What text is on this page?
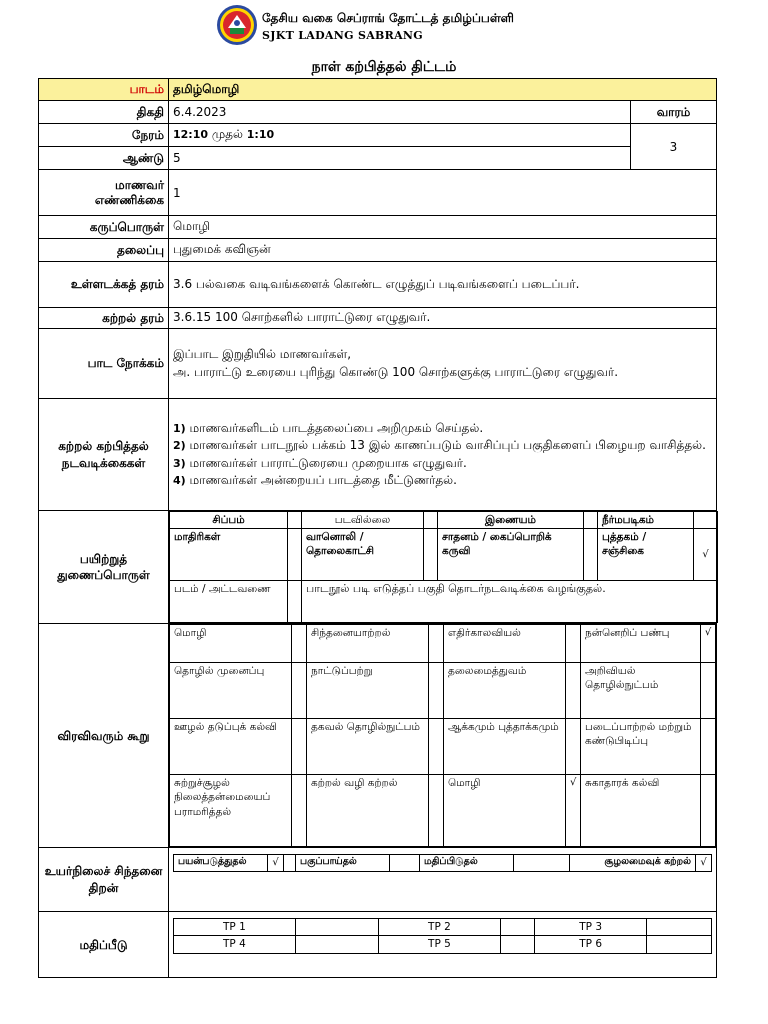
தேசிய வகை செப்ராங் தோட்டத் தமிழ்ப்பள்ளி
SJKT LADANG SABRANG
நாள் கற்பித்தல் திட்டம்
பாடம்	தமிழ்மொழி
திகதி	6.4.2023	வாரம்
நேரம்	12:10 முதல் 1:10	3
ஆண்டு	5
மாணவர் எண்ணிக்கை	1
கருப்பொருள்	மொழி
தலைப்பு	புதுமைக் கவிஞன்
உள்ளடக்கத் தரம்	3.6 பல்வகை வடிவங்களைக் கொண்ட எழுத்துப் படிவங்களைப் படைப்பர்.
கற்றல் தரம்	3.6.15 100 சொற்களில் பாராட்டுரை எழுதுவர்.
பாட நோக்கம்	
இப்பாட இறுதியில் மாணவர்கள்,
அ. பாராட்டு உரையை புரிந்து கொண்டு 100 சொற்களுக்கு பாராட்டுரை எழுதுவர்.

கற்றல் கற்பித்தல் நடவடிக்கைகள்	
1) மாணவர்களிடம் பாடத்தலைப்பை அறிமுகம் செய்தல்.
2) மாணவர்கள் பாடநூல் பக்கம் 13 இல் காணப்படும் வாசிப்புப் பகுதிகளைப் பிழையற வாசித்தல்.
3) மாணவர்கள் பாராட்டுரையை முறையாக எழுதுவர்.
4) மாணவர்கள் அன்றையப் பாடத்தை மீட்டுணர்தல்.

பயிற்றுத் துணைப்பொருள்	
சிப்பம்		படவில்லை		இணையம்		நீர்மபடிகம்	
மாதிரிகள்		வானொலி / தொலைகாட்சி		சாதனம் / கைப்பொறிக் கருவி		புத்தகம் / சஞ்சிகை	√
படம் / அட்டவணை		பாடநூல் படி எடுத்தப் பகுதி தொடர்நடவடிக்கை வழங்குதல்.

விரவிவரும் கூறு	
மொழி		சிந்தனையாற்றல்		எதிர்காலவியல்		நன்னெறிப் பண்பு	√
தொழில் முனைப்பு		நாட்டுப்பற்று		தலைமைத்துவம்		அறிவியல் தொழில்நுட்பம்	
ஊழல் தடுப்புக் கல்வி		தகவல் தொழில்நுட்பம்		ஆக்கமும் புத்தாக்கமும்		படைப்பாற்றல் மற்றும் கண்டுபிடிப்பு	
சுற்றுச்சூழல் நிலைத்தன்மையைப் பராமரித்தல்		கற்றல் வழி கற்றல்		மொழி	√	சுகாதாரக் கல்வி	

உயர்நிலைச் சிந்தனை திறன்	
பயன்படுத்துதல்	√		பகுப்பாய்தல்		மதிப்பிடுதல்		சூழலமைவுக் கற்றல்	√

மதிப்பீடு	
TP 1		TP 2		TP 3	
TP 4		TP 5		TP 6	
